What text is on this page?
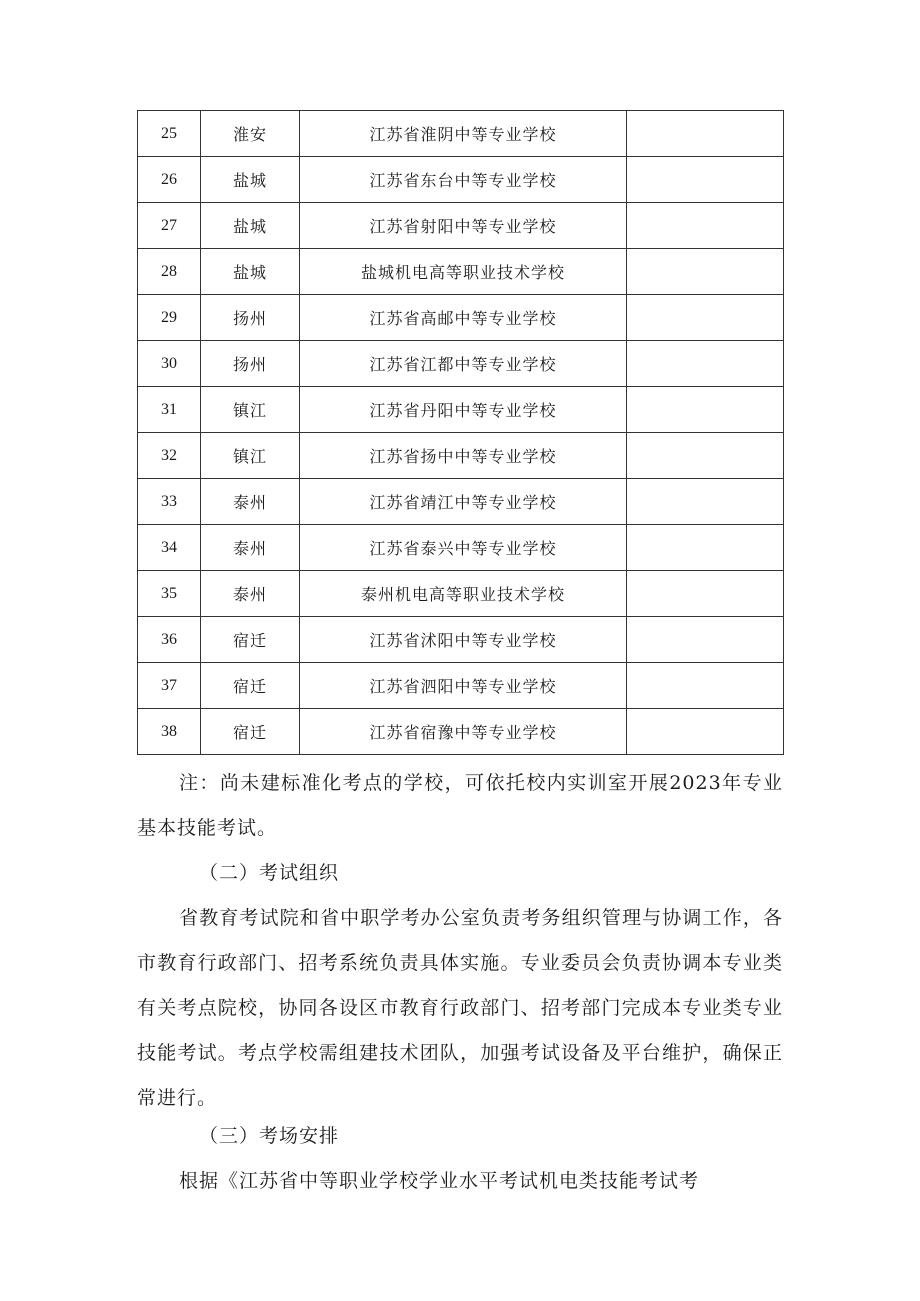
25	淮安	江苏省淮阴中等专业学校	
26	盐城	江苏省东台中等专业学校	
27	盐城	江苏省射阳中等专业学校	
28	盐城	盐城机电高等职业技术学校	
29	扬州	江苏省高邮中等专业学校	
30	扬州	江苏省江都中等专业学校	
31	镇江	江苏省丹阳中等专业学校	
32	镇江	江苏省扬中中等专业学校	
33	泰州	江苏省靖江中等专业学校	
34	泰州	江苏省泰兴中等专业学校	
35	泰州	泰州机电高等职业技术学校	
36	宿迁	江苏省沭阳中等专业学校	
37	宿迁	江苏省泗阳中等专业学校	
38	宿迁	江苏省宿豫中等专业学校	

注：尚未建标准化考点的学校，可依托校内实训室开展2023年专业基本技能考试。

（二）考试组织

省教育考试院和省中职学考办公室负责考务组织管理与协调工作，各市教育行政部门、招考系统负责具体实施。专业委员会负责协调本专业类有关考点院校，协同各设区市教育行政部门、招考部门完成本专业类专业技能考试。考点学校需组建技术团队，加强考试设备及平台维护，确保正常进行。

（三）考场安排

根据《江苏省中等职业学校学业水平考试机电类技能考试考
